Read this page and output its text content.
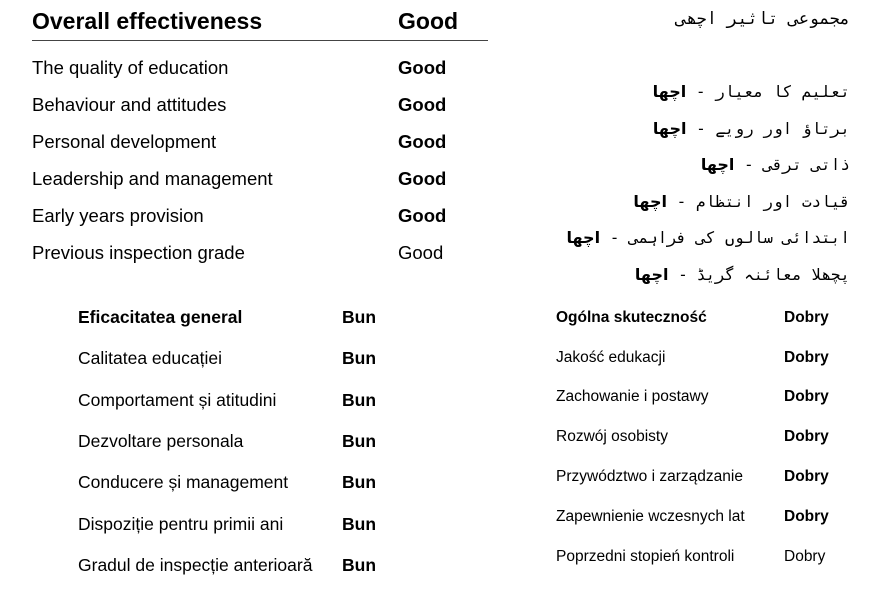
Overall effectiveness	Good
The quality of education	Good
Behaviour and attitudes	Good
Personal development	Good
Leadership and management	Good
Early years provision	Good
Previous inspection grade	Good
مجموعی تاثیر اچھی
تعلیم کا معیار - اچھا
برتاؤ اور رویے - اچھا
ذاتی ترقی - اچھا
قیادت اور انتظام - اچھا
ابتدائی سالوں کی فراہمی - اچھا
پچھلا معائنہ گریڈ - اچھا
Eficacitatea general	Bun
Calitatea educației	Bun
Comportament și atitudini	Bun
Dezvoltare personala	Bun
Conducere și management	Bun
Dispoziție pentru primii ani	Bun
Gradul de inspecție anterioară	Bun
Ogólna skuteczność	Dobry
Jakość edukacji	Dobry
Zachowanie i postawy	Dobry
Rozwój osobisty	Dobry
Przywództwo i zarządzanie	Dobry
Zapewnienie wczesnych lat	Dobry
Poprzedni stopień kontroli	Dobry
